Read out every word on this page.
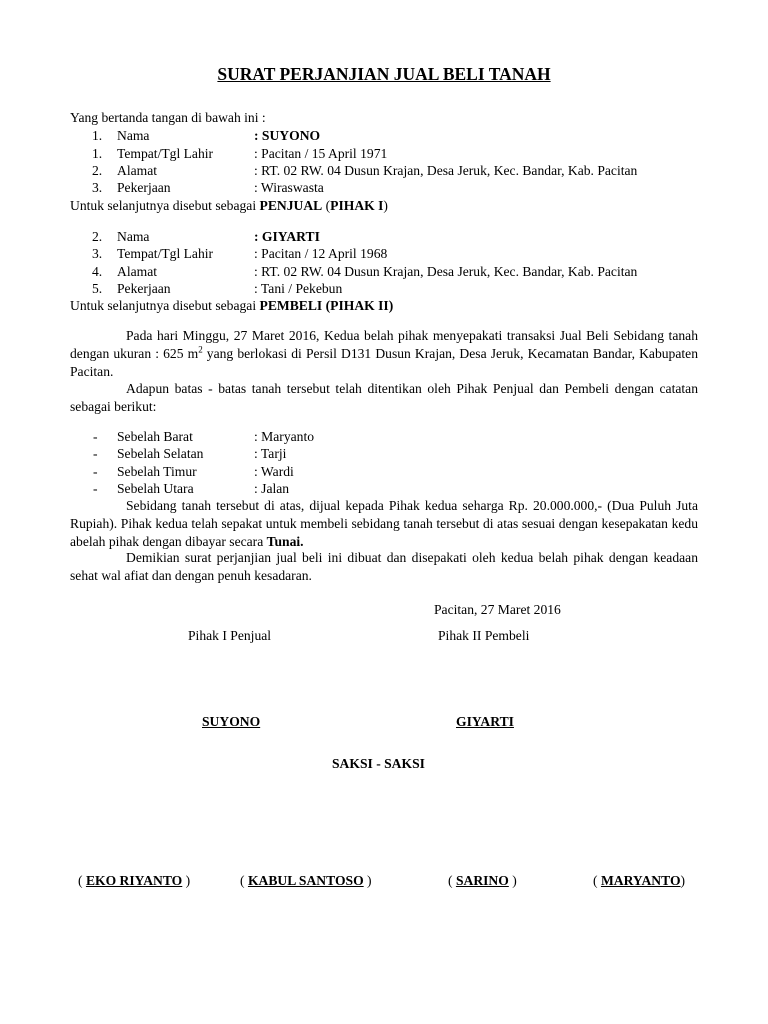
SURAT PERJANJIAN JUAL BELI TANAH
Yang bertanda tangan di bawah ini :
1. Nama	: SUYONO
1. Tempat/Tgl Lahir	: Pacitan / 15 April 1971
2. Alamat	: RT. 02 RW. 04 Dusun Krajan, Desa Jeruk, Kec. Bandar, Kab. Pacitan
3. Pekerjaan	: Wiraswasta
Untuk selanjutnya disebut sebagai PENJUAL (PIHAK I)
2. Nama	: GIYARTI
3. Tempat/Tgl Lahir	: Pacitan / 12 April 1968
4. Alamat	: RT. 02 RW. 04 Dusun Krajan, Desa Jeruk, Kec. Bandar, Kab. Pacitan
5. Pekerjaan	: Tani / Pekebun
Untuk selanjutnya disebut sebagai PEMBELI (PIHAK II)
Pada hari Minggu, 27 Maret 2016, Kedua belah pihak menyepakati transaksi Jual Beli Sebidang tanah dengan ukuran : 625 $m^2$ yang berlokasi di Persil D131 Dusun Krajan, Desa Jeruk, Kecamatan Bandar, Kabupaten Pacitan.
Adapun batas - batas tanah tersebut telah ditentikan oleh Pihak Penjual dan Pembeli dengan catatan sebagai berikut:
- Sebelah Barat	: Maryanto
- Sebelah Selatan	: Tarji
- Sebelah Timur	: Wardi
- Sebelah Utara	: Jalan
Sebidang tanah tersebut di atas, dijual kepada Pihak kedua seharga Rp. 20.000.000,- (Dua Puluh Juta Rupiah). Pihak kedua telah sepakat untuk membeli sebidang tanah tersebut di atas sesuai dengan kesepakatan kedu abelah pihak dengan dibayar secara Tunai.
Demikian surat perjanjian jual beli ini dibuat dan disepakati oleh kedua belah pihak dengan keadaan sehat wal afiat dan dengan penuh kesadaran.
Pacitan, 27 Maret 2016
Pihak I Penjual	Pihak II Pembeli
SUYONO	GIYARTI
SAKSI - SAKSI
( EKO RIYANTO )	( KABUL SANTOSO )	( SARINO )	( MARYANTO)
